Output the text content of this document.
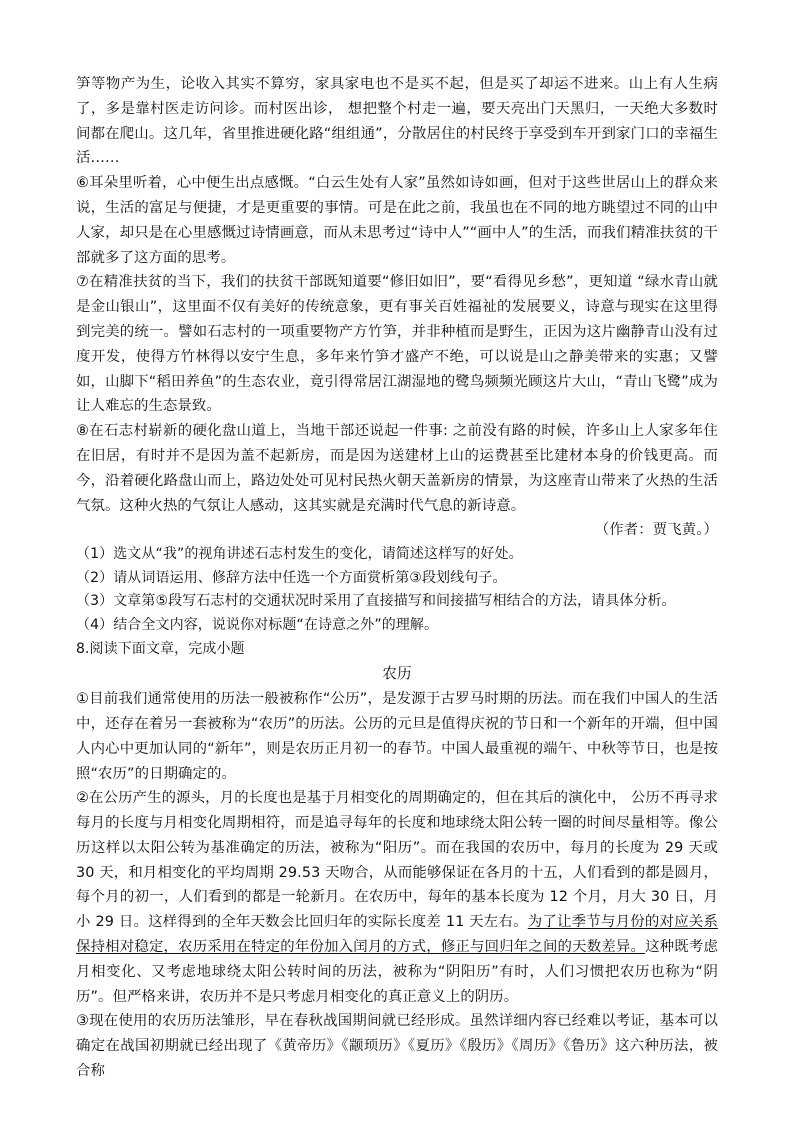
笋等物产为生，论收入其实不算穷，家具家电也不是买不起，但是买了却运不进来。山上有人生病了，多是靠村医走访问诊。而村医出诊， 想把整个村走一遍，要天亮出门天黑归，一天绝大多数时间都在爬山。这几年，省里推进硬化路“组组通”，分散居住的村民终于享受到车开到家门口的幸福生活……

⑥耳朵里听着，心中便生出点感慨。“白云生处有人家”虽然如诗如画，但对于这些世居山上的群众来说，生活的富足与便捷，才是更重要的事情。可是在此之前，我虽也在不同的地方眺望过不同的山中人家，却只是在心里感慨过诗情画意，而从未思考过“诗中人”“画中人”的生活，而我们精准扶贫的干部就多了这方面的思考。

⑦在精准扶贫的当下，我们的扶贫干部既知道要“修旧如旧”，要“看得见乡愁”，更知道 “绿水青山就是金山银山”，这里面不仅有美好的传统意象，更有事关百姓福祉的发展要义，诗意与现实在这里得到完美的统一。譬如石志村的一项重要物产方竹笋，并非种植而是野生，正因为这片幽静青山没有过度开发，使得方竹林得以安宁生息，多年来竹笋才盛产不绝，可以说是山之静美带来的实惠；又譬如，山脚下“稻田养鱼”的生态农业，竟引得常居江湖湿地的鹭鸟频频光顾这片大山，“青山飞鹭”成为让人难忘的生态景致。

⑧在石志村崭新的硬化盘山道上，当地干部还说起一件事: 之前没有路的时候，许多山上人家多年住在旧居，有时并不是因为盖不起新房，而是因为送建材上山的运费甚至比建材本身的价钱更高。而今，沿着硬化路盘山而上，路边处处可见村民热火朝天盖新房的情景，为这座青山带来了火热的生活气氛。这种火热的气氛让人感动，这其实就是充满时代气息的新诗意。

（作者：贾飞黄。）

（1）选文从“我”的视角讲述石志村发生的变化，请简述这样写的好处。

（2）请从词语运用、修辞方法中任选一个方面赏析第③段划线句子。

（3）文章第⑤段写石志村的交通状况时采用了直接描写和间接描写相结合的方法，请具体分析。

（4）结合全文内容，说说你对标题“在诗意之外”的理解。

8.阅读下面文章，完成小题

农历

①目前我们通常使用的历法一般被称作“公历”，是发源于古罗马时期的历法。而在我们中国人的生活中，还存在着另一套被称为“农历”的历法。公历的元旦是值得庆祝的节日和一个新年的开端，但中国人内心中更加认同的“新年”，则是农历正月初一的春节。中国人最重视的端午、中秋等节日，也是按照“农历”的日期确定的。

②在公历产生的源头，月的长度也是基于月相变化的周期确定的，但在其后的演化中， 公历不再寻求每月的长度与月相变化周期相符，而是追寻每年的长度和地球绕太阳公转一圈的时间尽量相等。像公历这样以太阳公转为基准确定的历法，被称为“阳历”。而在我国的农历中，每月的长度为 29 天或 30 天，和月相变化的平均周期 29.53 天吻合，从而能够保证在各月的十五，人们看到的都是圆月，每个月的初一，人们看到的都是一轮新月。在农历中，每年的基本长度为 12 个月，月大 30 日，月小 29 日。这样得到的全年天数会比回归年的实际长度差 11 天左右。为了让季节与月份的对应关系保持相对稳定，农历采用在特定的年份加入闰月的方式，修正与回归年之间的天数差异。这种既考虑月相变化、又考虑地球绕太阳公转时间的历法，被称为“阴阳历”有时，人们习惯把农历也称为“阴历”。但严格来讲，农历并不是只考虑月相变化的真正意义上的阴历。

③现在使用的农历历法雏形，早在春秋战国期间就已经形成。虽然详细内容已经难以考证，基本可以确定在战国初期就已经出现了《黄帝历》《颛顼历》《夏历》《殷历》《周历》《鲁历》这六种历法，被合称
